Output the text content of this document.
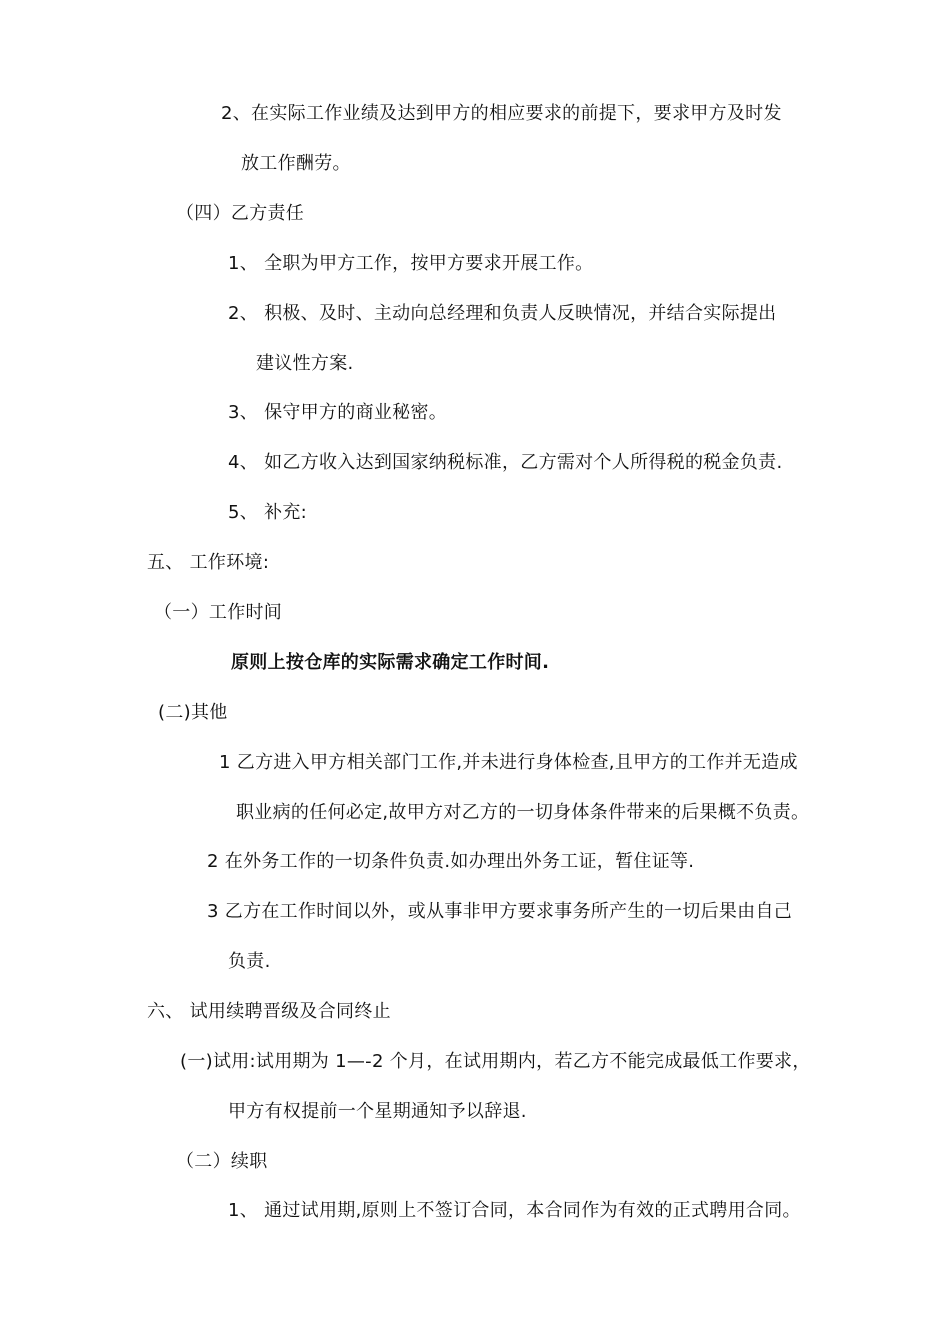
2、在实际工作业绩及达到甲方的相应要求的前提下，要求甲方及时发
放工作酬劳。
（四）乙方责任
1、 全职为甲方工作，按甲方要求开展工作。
2、 积极、及时、主动向总经理和负责人反映情况，并结合实际提出
建议性方案.
3、 保守甲方的商业秘密。
4、 如乙方收入达到国家纳税标准，乙方需对个人所得税的税金负责.
5、 补充:
五、 工作环境:
（一）工作时间
原则上按仓库的实际需求确定工作时间.
(二)其他
1 乙方进入甲方相关部门工作,并未进行身体检查,且甲方的工作并无造成
职业病的任何必定,故甲方对乙方的一切身体条件带来的后果概不负责。
2 在外务工作的一切条件负责.如办理出外务工证，暂住证等.
3 乙方在工作时间以外，或从事非甲方要求事务所产生的一切后果由自己
负责.
六、 试用续聘晋级及合同终止
(一)试用:试用期为 1—-2 个月，在试用期内，若乙方不能完成最低工作要求，
甲方有权提前一个星期通知予以辞退.
（二）续职
1、 通过试用期,原则上不签订合同，本合同作为有效的正式聘用合同。
